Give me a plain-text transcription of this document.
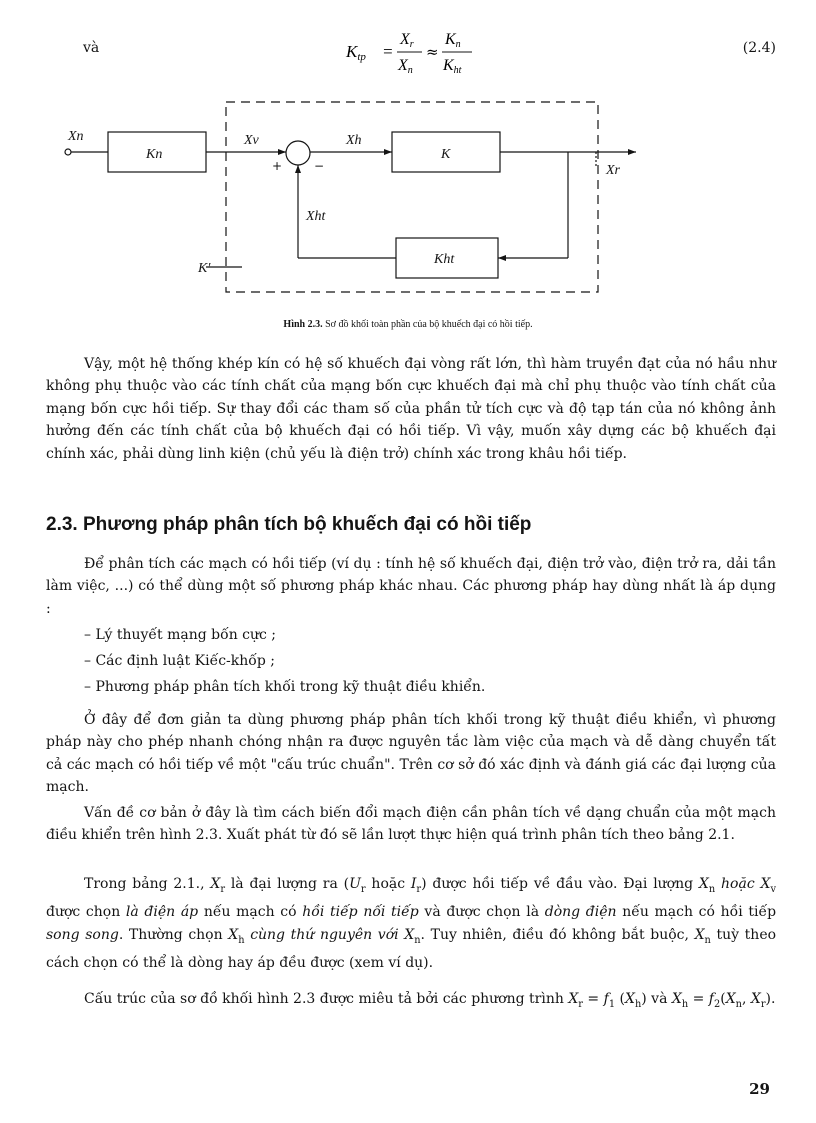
và	Ktp =
Xr
Xn
≈
Kn
Kht
(2.4)
Xn
Kn
Xv	Xh
K
Xr
Xht
Kht
K′
+	−
Hình 2.3. Sơ đồ khối toàn phần của bộ khuếch đại có hồi tiếp.

Vậy, một hệ thống khép kín có hệ số khuếch đại vòng rất lớn, thì hàm truyền đạt của nó hầu như không phụ thuộc vào các tính chất của mạng bốn cực khuếch đại mà chỉ phụ thuộc vào tính chất của mạng bốn cực hồi tiếp. Sự thay đổi các tham số của phần tử tích cực và độ tạp tán của nó không ảnh hưởng đến các tính chất của bộ khuếch đại có hồi tiếp. Vì vậy, muốn xây dựng các bộ khuếch đại chính xác, phải dùng linh kiện (chủ yếu là điện trở) chính xác trong khâu hồi tiếp.

2.3. Phương pháp phân tích bộ khuếch đại có hồi tiếp

Để phân tích các mạch có hồi tiếp (ví dụ : tính hệ số khuếch đại, điện trở vào, điện trở ra, dải tần làm việc, ...) có thể dùng một số phương pháp khác nhau. Các phương pháp hay dùng nhất là áp dụng :

– Lý thuyết mạng bốn cực ;
– Các định luật Kiếc-khốp ;
– Phương pháp phân tích khối trong kỹ thuật điều khiển.

Ở đây để đơn giản ta dùng phương pháp phân tích khối trong kỹ thuật điều khiển, vì phương pháp này cho phép nhanh chóng nhận ra được nguyên tắc làm việc của mạch và dễ dàng chuyển tất cả các mạch có hồi tiếp về một "cấu trúc chuẩn". Trên cơ sở đó xác định và đánh giá các đại lượng của mạch.

Vấn đề cơ bản ở đây là tìm cách biến đổi mạch điện cần phân tích về dạng chuẩn của một mạch điều khiển trên hình 2.3. Xuất phát từ đó sẽ lần lượt thực hiện quá trình phân tích theo bảng 2.1.

Trong bảng 2.1., $X_r$ là đại lượng ra ($U_r$ hoặc $I_r$) được hồi tiếp về đầu vào. Đại lượng $X_n$ hoặc $X_v$ được chọn là điện áp nếu mạch có hồi tiếp nối tiếp và được chọn là dòng điện nếu mạch có hồi tiếp song song. Thường chọn $X_h$ cùng thứ nguyên với $X_n$. Tuy nhiên, điều đó không bắt buộc, $X_n$ tuỳ theo cách chọn có thể là dòng hay áp đều được (xem ví dụ).

Cấu trúc của sơ đồ khối hình 2.3 được miêu tả bởi các phương trình $X_r = f_1$ $(X_h)$ và $X_h = f_2(X_n$, $X_r$).

29
